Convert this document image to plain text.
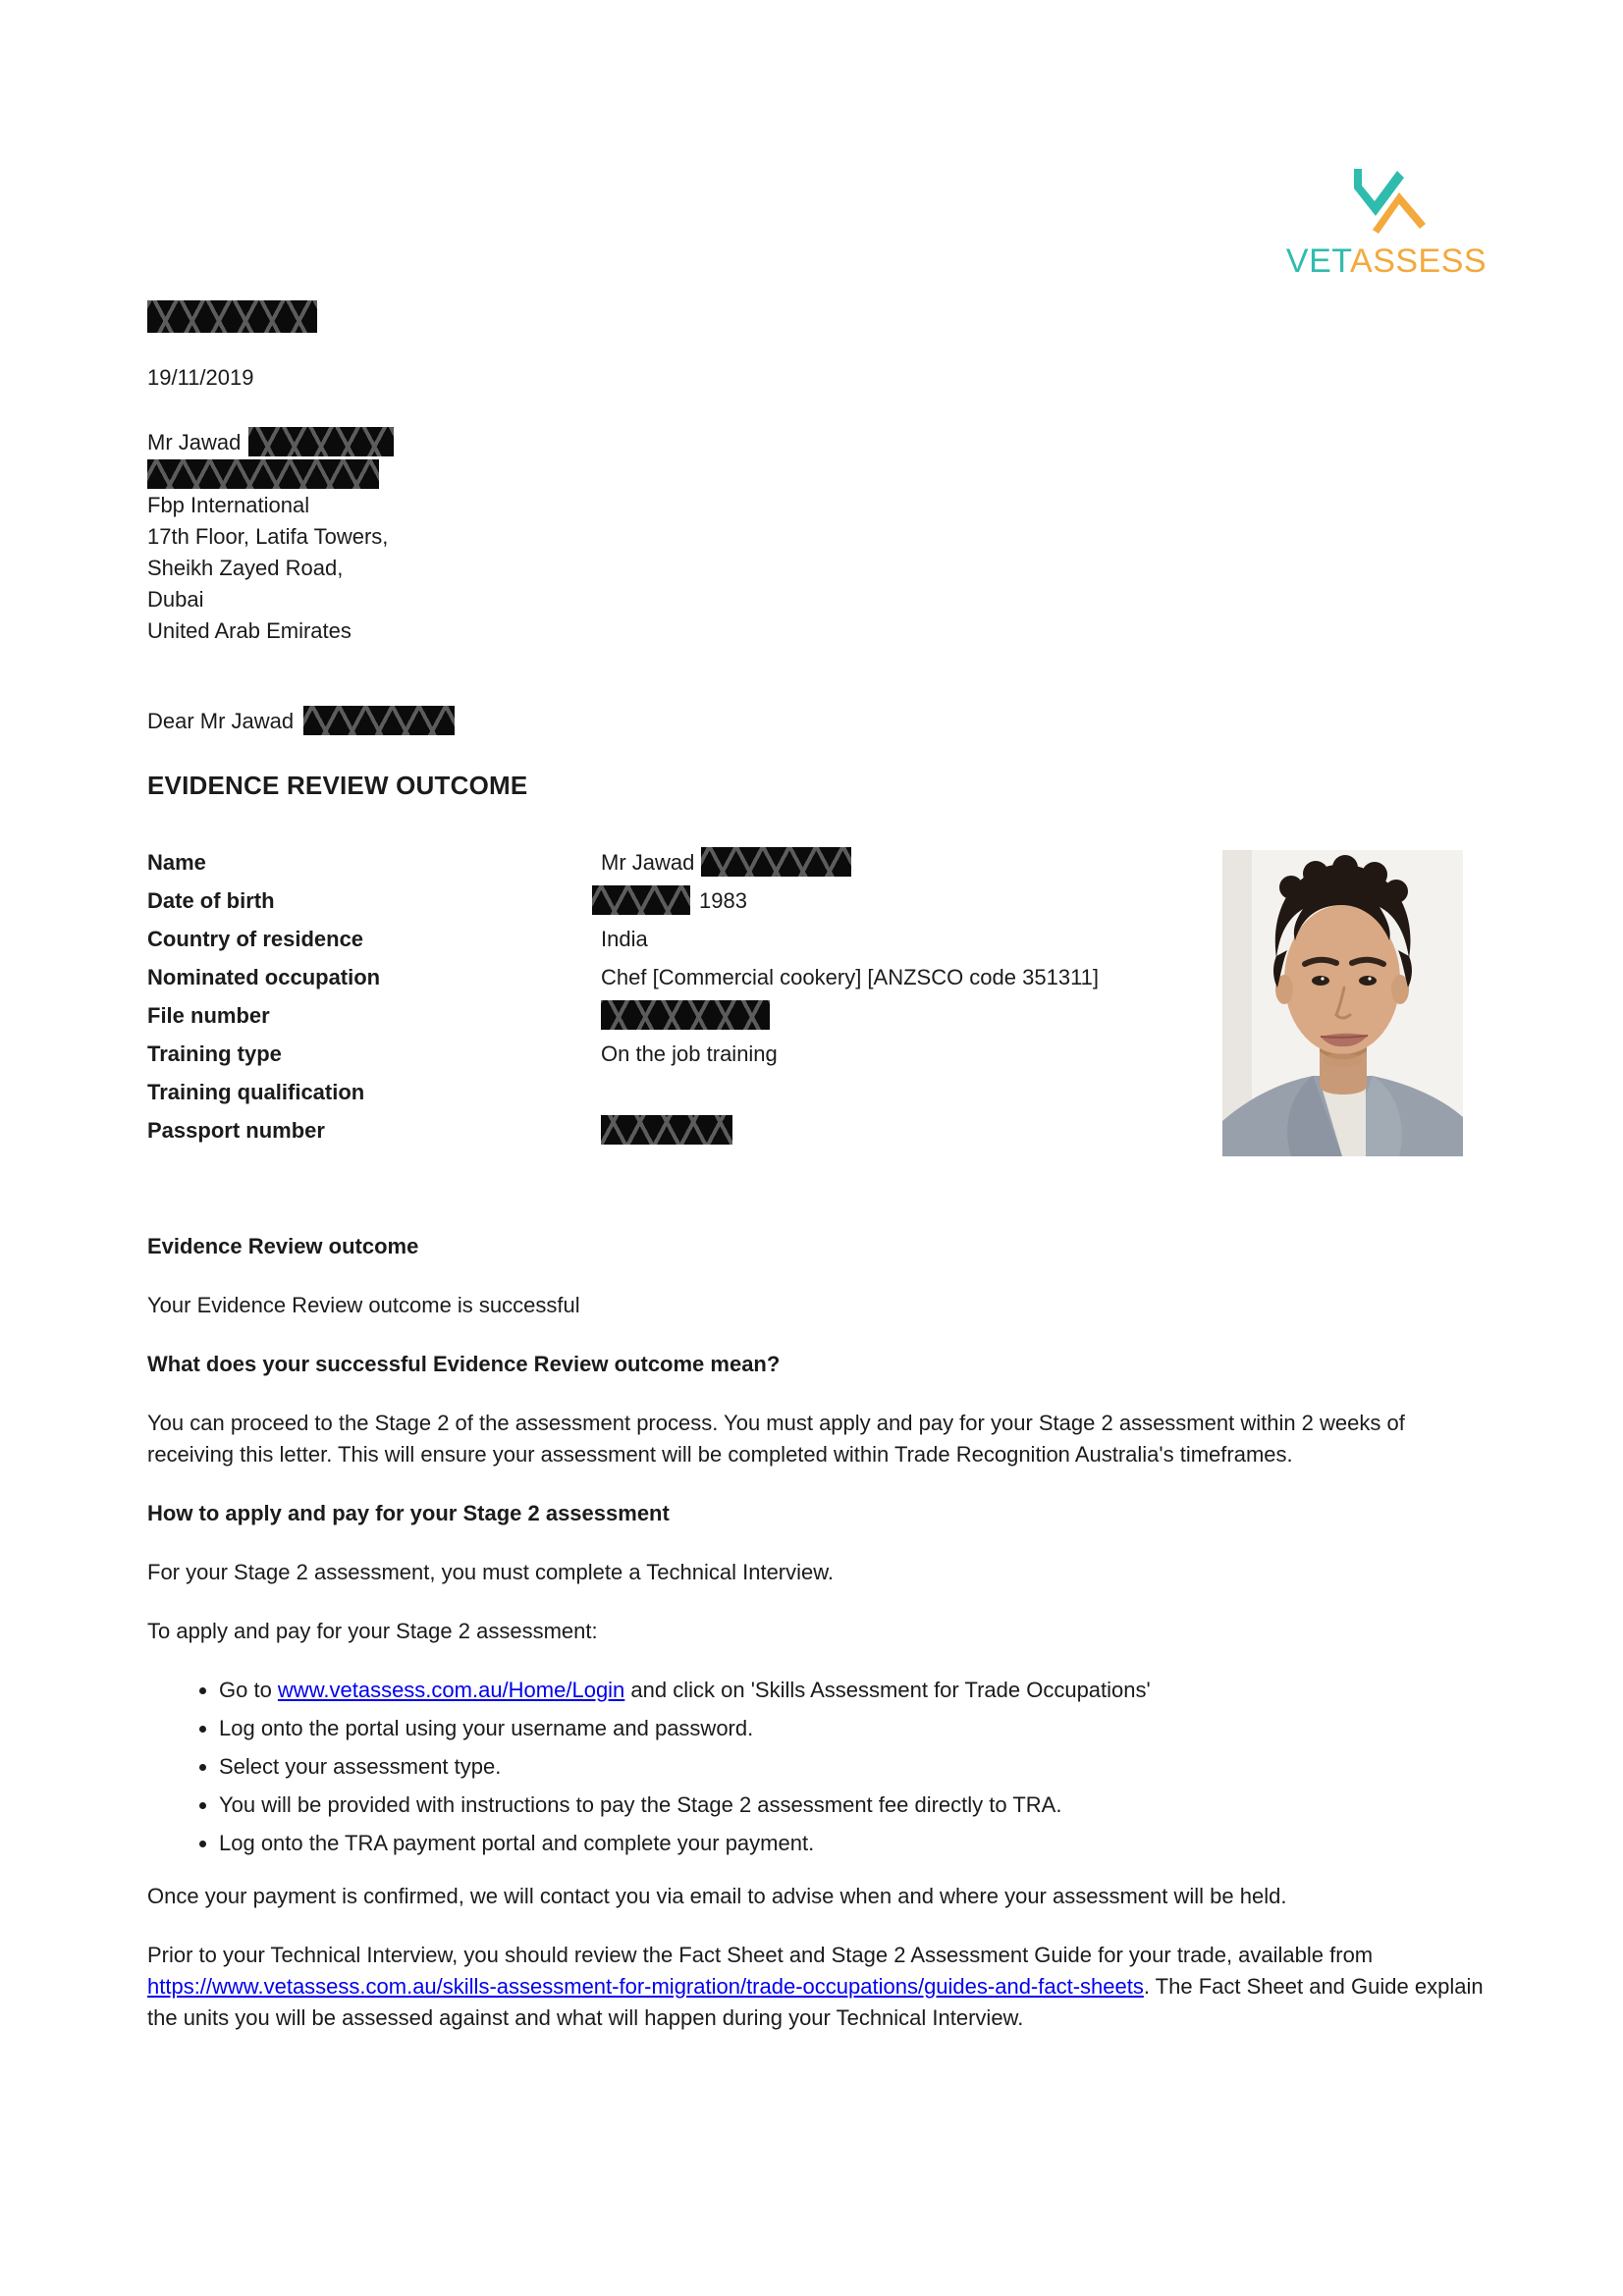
VETASSESS
19/11/2019
Mr Jawad
Fbp International
17th Floor, Latifa Towers,
Sheikh Zayed Road,
Dubai
United Arab Emirates
Dear Mr Jawad
EVIDENCE REVIEW OUTCOME
Name	Mr Jawad
Date of birth	1983
Country of residence	India
Nominated occupation	Chef [Commercial cookery] [ANZSCO code 351311]
File number
Training type	On the job training
Training qualification
Passport number
Evidence Review outcome
Your Evidence Review outcome is successful
What does your successful Evidence Review outcome mean?
You can proceed to the Stage 2 of the assessment process. You must apply and pay for your Stage 2 assessment within 2 weeks of receiving this letter. This will ensure your assessment will be completed within Trade Recognition Australia's timeframes.
How to apply and pay for your Stage 2 assessment
For your Stage 2 assessment, you must complete a Technical Interview.
To apply and pay for your Stage 2 assessment:
• Go to www.vetassess.com.au/Home/Login and click on 'Skills Assessment for Trade Occupations'
• Log onto the portal using your username and password.
• Select your assessment type.
• You will be provided with instructions to pay the Stage 2 assessment fee directly to TRA.
• Log onto the TRA payment portal and complete your payment.
Once your payment is confirmed, we will contact you via email to advise when and where your assessment will be held.
Prior to your Technical Interview, you should review the Fact Sheet and Stage 2 Assessment Guide for your trade, available from https://www.vetassess.com.au/skills-assessment-for-migration/trade-occupations/guides-and-fact-sheets. The Fact Sheet and Guide explain the units you will be assessed against and what will happen during your Technical Interview.
